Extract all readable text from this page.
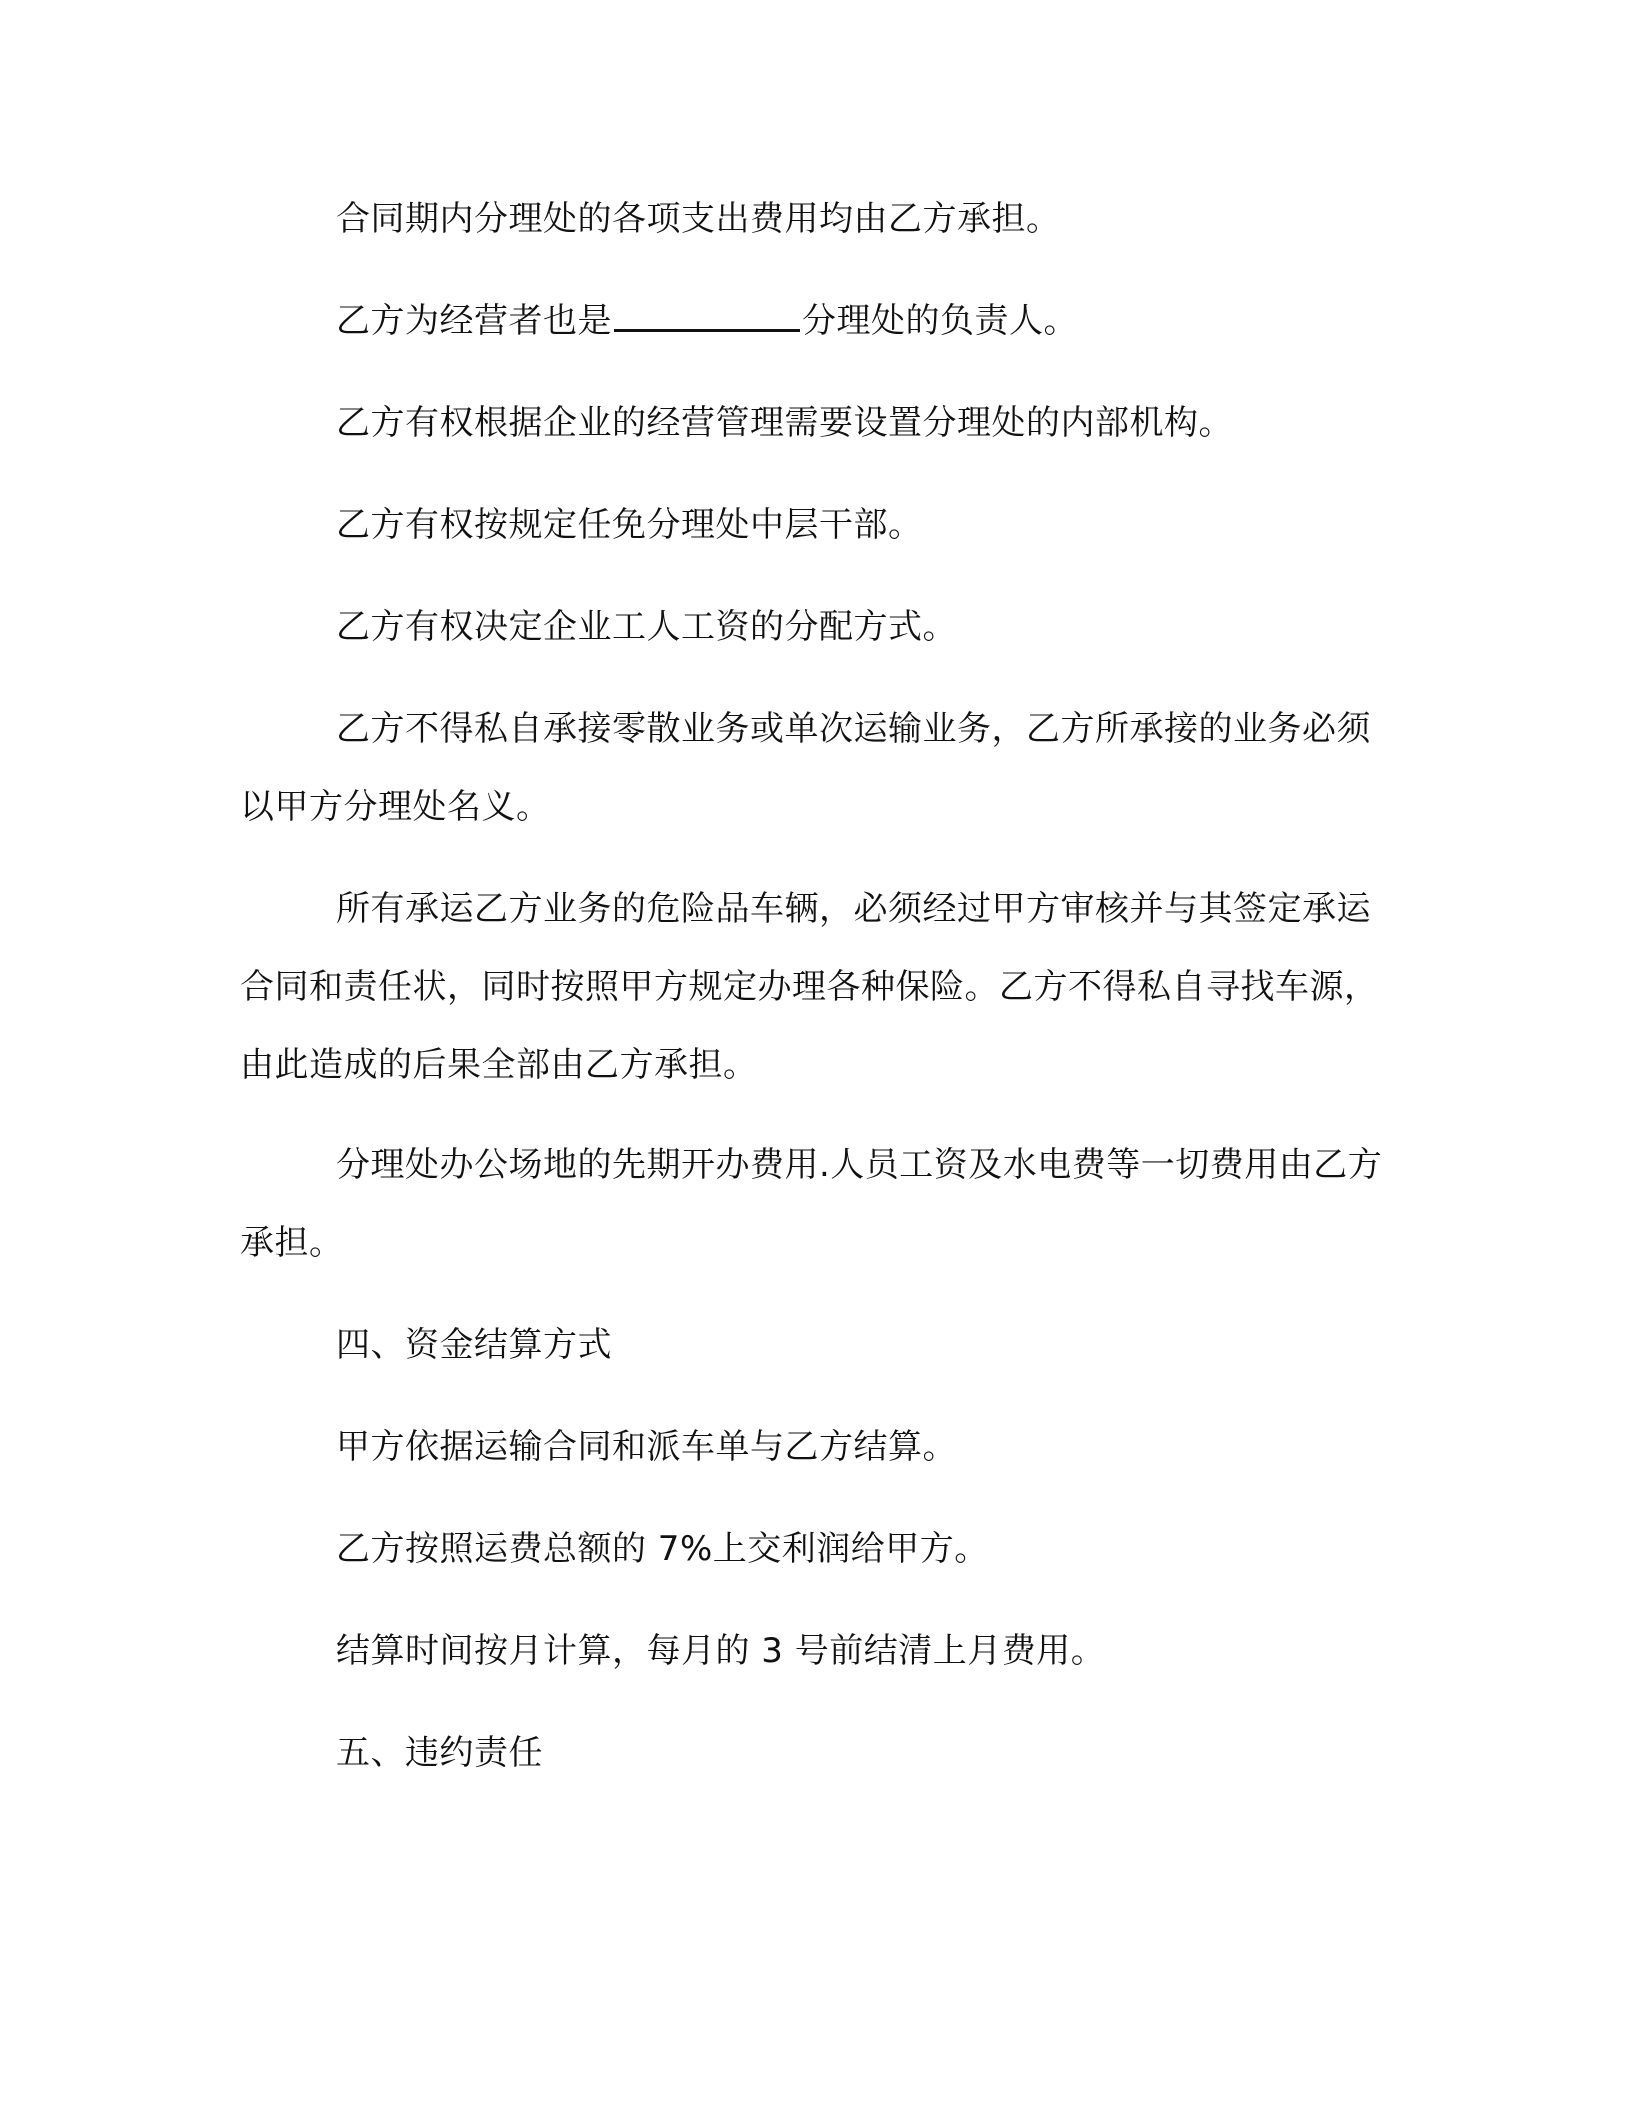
合同期内分理处的各项支出费用均由乙方承担。

乙方为经营者也是	分理处的负责人。

乙方有权根据企业的经营管理需要设置分理处的内部机构。

乙方有权按规定任免分理处中层干部。

乙方有权决定企业工人工资的分配方式。

乙方不得私自承接零散业务或单次运输业务，乙方所承接的业务必须以甲方分理处名义。

所有承运乙方业务的危险品车辆，必须经过甲方审核并与其签定承运合同和责任状，同时按照甲方规定办理各种保险。乙方不得私自寻找车源，由此造成的后果全部由乙方承担。

分理处办公场地的先期开办费用.人员工资及水电费等一切费用由乙方承担。

四、资金结算方式

甲方依据运输合同和派车单与乙方结算。

乙方按照运费总额的 7%上交利润给甲方。

结算时间按月计算，每月的 3 号前结清上月费用。

五、违约责任
